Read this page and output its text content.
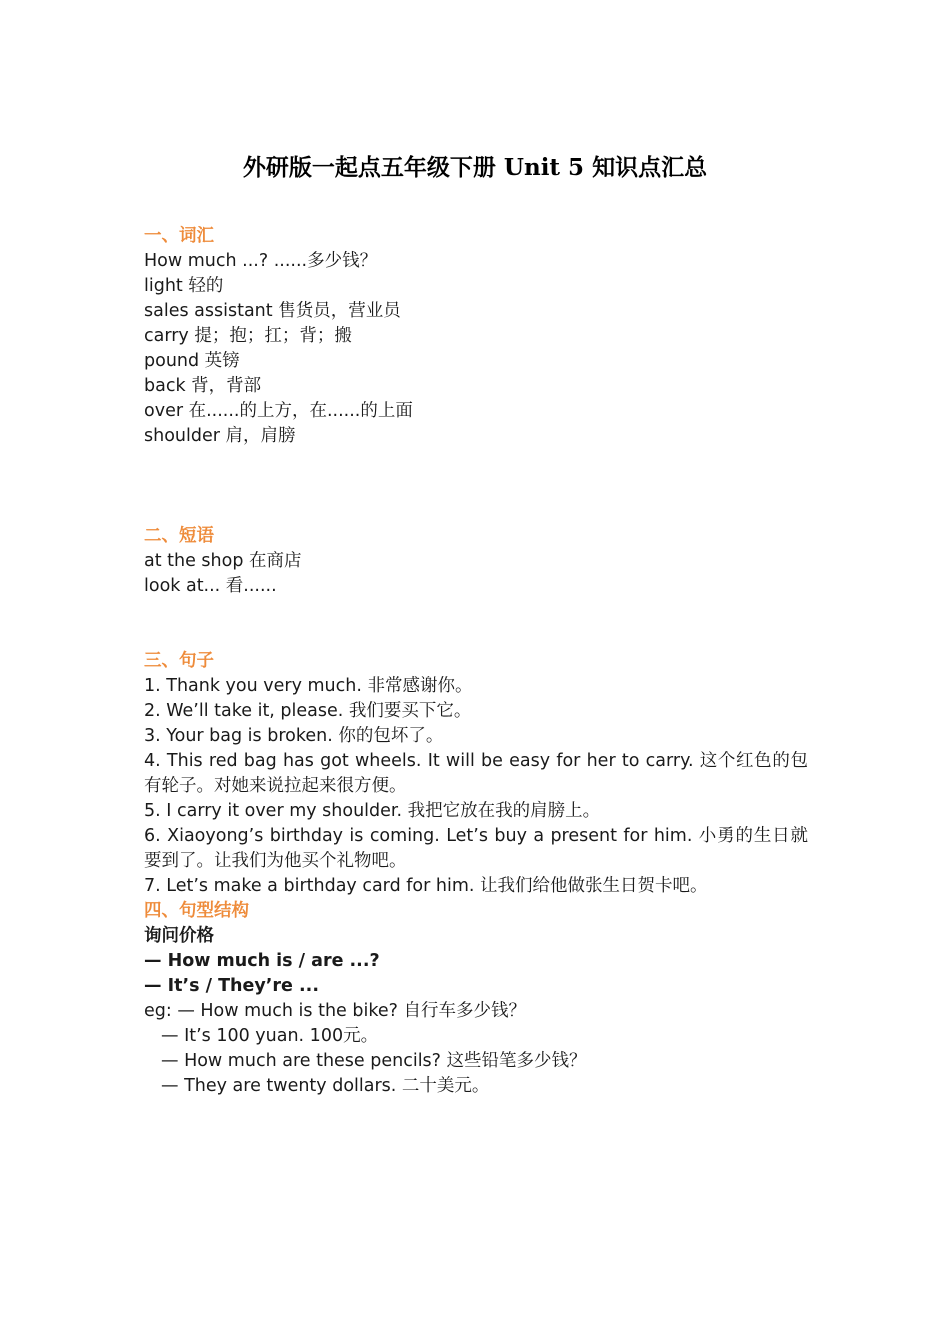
外研版一起点五年级下册 Unit 5 知识点汇总
一、词汇
How much ...? ......多少钱？
light 轻的
sales assistant 售货员，营业员
carry 提；抱；扛；背；搬
pound 英镑
back 背，背部
over 在......的上方，在......的上面
shoulder 肩，肩膀
二、短语
at the shop 在商店
look at... 看......
三、句子
1. Thank you very much. 非常感谢你。
2. We’ll take it, please. 我们要买下它。
3. Your bag is broken. 你的包坏了。
4. This red bag has got wheels. It will be easy for her to carry. 这个红色的包有轮子。对她来说拉起来很方便。
5. I carry it over my shoulder. 我把它放在我的肩膀上。
6. Xiaoyong’s birthday is coming. Let’s buy a present for him. 小勇的生日就要到了。让我们为他买个礼物吧。
7. Let’s make a birthday card for him. 让我们给他做张生日贺卡吧。
四、句型结构
询问价格
— How much is / are ...?
— It’s / They’re ...
eg: — How much is the bike? 自行车多少钱？
— It’s 100 yuan. 100元。
— How much are these pencils? 这些铅笔多少钱？
— They are twenty dollars. 二十美元。
